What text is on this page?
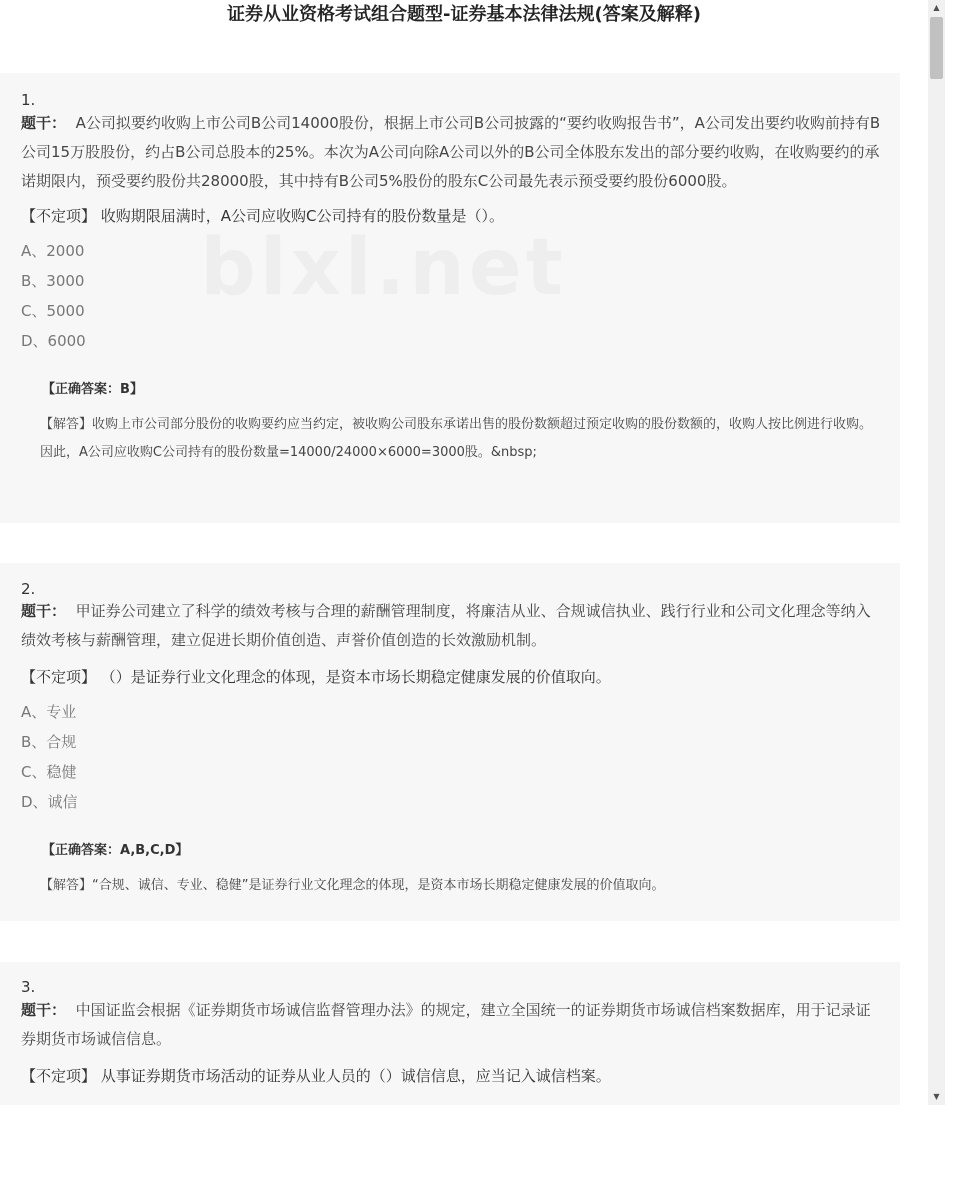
证券从业资格考试组合题型-证券基本法律法规(答案及解释)
1.
题干： A公司拟要约收购上市公司B公司14000股份，根据上市公司B公司披露的“要约收购报告书”，A公司发出要约收购前持有B公司15万股股份，约占B公司总股本的25%。本次为A公司向除A公司以外的B公司全体股东发出的部分要约收购，在收购要约的承诺期限内，预受要约股份共28000股，其中持有B公司5%股份的股东C公司最先表示预受要约股份6000股。
【不定项】 收购期限届满时，A公司应收购C公司持有的股份数量是（）。
A、2000
B、3000
C、5000
D、6000
【正确答案：B】
【解答】收购上市公司部分股份的收购要约应当约定，被收购公司股东承诺出售的股份数额超过预定收购的股份数额的，收购人按比例进行收购。因此，A公司应收购C公司持有的股份数量=14000/24000×6000=3000股。&nbsp;
2.
题干： 甲证券公司建立了科学的绩效考核与合理的薪酬管理制度，将廉洁从业、合规诚信执业、践行行业和公司文化理念等纳入绩效考核与薪酬管理，建立促进长期价值创造、声誉价值创造的长效激励机制。
【不定项】 （）是证券行业文化理念的体现，是资本市场长期稳定健康发展的价值取向。
A、专业
B、合规
C、稳健
D、诚信
【正确答案：A,B,C,D】
【解答】“合规、诚信、专业、稳健”是证券行业文化理念的体现，是资本市场长期稳定健康发展的价值取向。
3.
题干： 中国证监会根据《证券期货市场诚信监督管理办法》的规定，建立全国统一的证券期货市场诚信档案数据库，用于记录证券期货市场诚信信息。
【不定项】 从事证券期货市场活动的证券从业人员的（）诚信信息，应当记入诚信档案。
▲
▼
